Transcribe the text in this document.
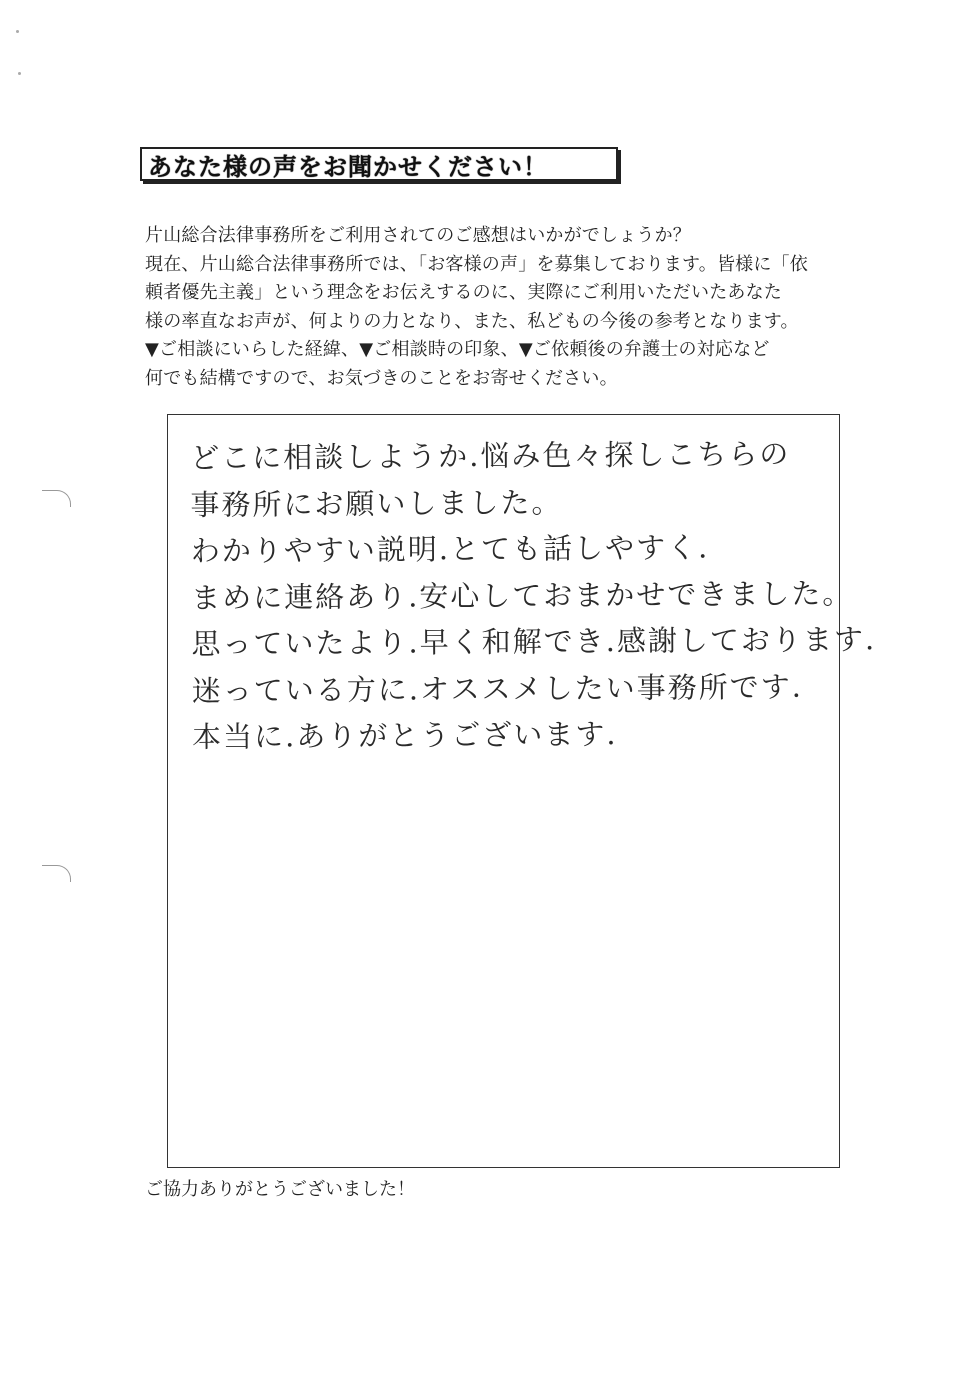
あなた様の声をお聞かせください！
片山総合法律事務所をご利用されてのご感想はいかがでしょうか？
現在、片山総合法律事務所では、「お客様の声」を募集しております。皆様に「依
頼者優先主義」という理念をお伝えするのに、実際にご利用いただいたあなた
様の率直なお声が、何よりの力となり、また、私どもの今後の参考となります。
▼ご相談にいらした経緯、▼ご相談時の印象、▼ご依頼後の弁護士の対応など
何でも結構ですので、お気づきのことをお寄せください。
どこに相談しようか.悩み色々探しこちらの
事務所にお願いしました。
わかりやすい説明.とても話しやすく.
まめに連絡あり.安心しておまかせできました。
思っていたより.早く和解でき.感謝しております.
迷っている方に.オススメしたい事務所です.
本当に.ありがとうございます.
ご協力ありがとうございました！
